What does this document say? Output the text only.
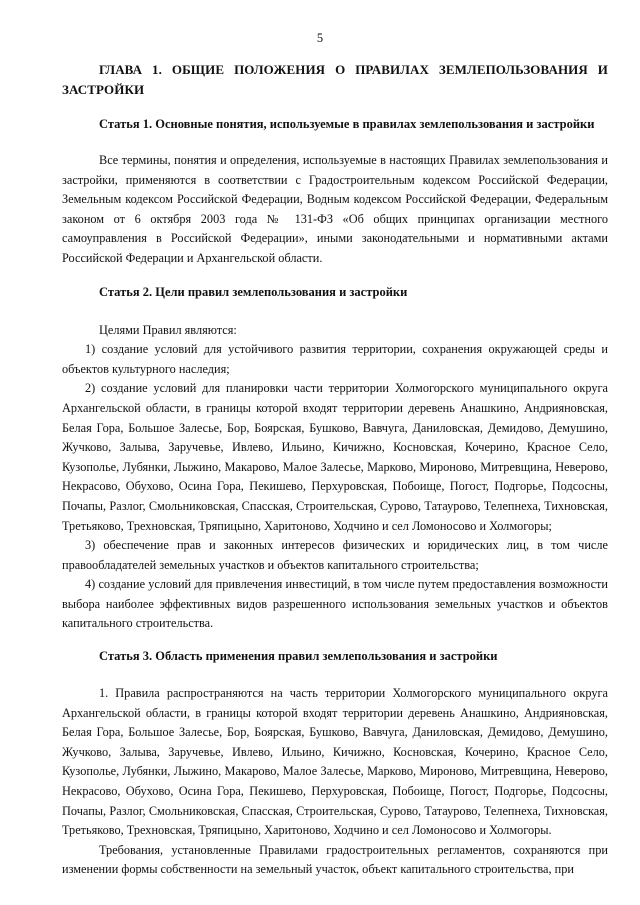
5
ГЛАВА 1. ОБЩИЕ ПОЛОЖЕНИЯ О ПРАВИЛАХ ЗЕМЛЕПОЛЬЗОВАНИЯ И ЗАСТРОЙКИ
Статья 1. Основные понятия, используемые в правилах землепользования и застройки

Все термины, понятия и определения, используемые в настоящих Правилах землепользования и застройки, применяются в соответствии с Градостроительным кодексом Российской Федерации, Земельным кодексом Российской Федерации, Водным кодексом Российской Федерации, Федеральным законом от 6 октября 2003 года № 131-ФЗ «Об общих принципах организации местного самоуправления в Российской Федерации», иными законодательными и нормативными актами Российской Федерации и Архангельской области.

Статья 2. Цели правил землепользования и застройки

Целями Правил являются:

1) создание условий для устойчивого развития территории, сохранения окружающей среды и объектов культурного наследия;

2) создание условий для планировки части территории Холмогорского муниципального округа Архангельской области, в границы которой входят территории деревень Анашкино, Андрияновская, Белая Гора, Большое Залесье, Бор, Боярская, Бушково, Вавчуга, Даниловская, Демидово, Демушино, Жучково, Залыва, Заручевье, Ивлево, Ильино, Кичижно, Косновская, Кочерино, Красное Село, Кузополье, Лубянки, Лыжино, Макарово, Малое Залесье, Марково, Мироново, Митревщина, Неверово, Некрасово, Обухово, Осина Гора, Пекишево, Перхуровская, Побоище, Погост, Подгорье, Подсосны, Почапы, Разлог, Смольниковская, Спасская, Строительская, Сурово, Татаурово, Телепнеха, Тихновская, Третьяково, Трехновская, Тряпицыно, Харитоново, Ходчино и сел Ломоносово и Холмогоры;

3) обеспечение прав и законных интересов физических и юридических лиц, в том числе правообладателей земельных участков и объектов капитального строительства;

4) создание условий для привлечения инвестиций, в том числе путем предоставления возможности выбора наиболее эффективных видов разрешенного использования земельных участков и объектов капитального строительства.

Статья 3. Область применения правил землепользования и застройки

1. Правила распространяются на часть территории Холмогорского муниципального округа Архангельской области, в границы которой входят территории деревень Анашкино, Андрияновская, Белая Гора, Большое Залесье, Бор, Боярская, Бушково, Вавчуга, Даниловская, Демидово, Демушино, Жучково, Залыва, Заручевье, Ивлево, Ильино, Кичижно, Косновская, Кочерино, Красное Село, Кузополье, Лубянки, Лыжино, Макарово, Малое Залесье, Марково, Мироново, Митревщина, Неверово, Некрасово, Обухово, Осина Гора, Пекишево, Перхуровская, Побоище, Погост, Подгорье, Подсосны, Почапы, Разлог, Смольниковская, Спасская, Строительская, Сурово, Татаурово, Телепнеха, Тихновская, Третьяково, Трехновская, Тряпицыно, Харитоново, Ходчино и сел Ломоносово и Холмогоры.

Требования, установленные Правилами градостроительных регламентов, сохраняются при изменении формы собственности на земельный участок, объект капитального строительства, при
